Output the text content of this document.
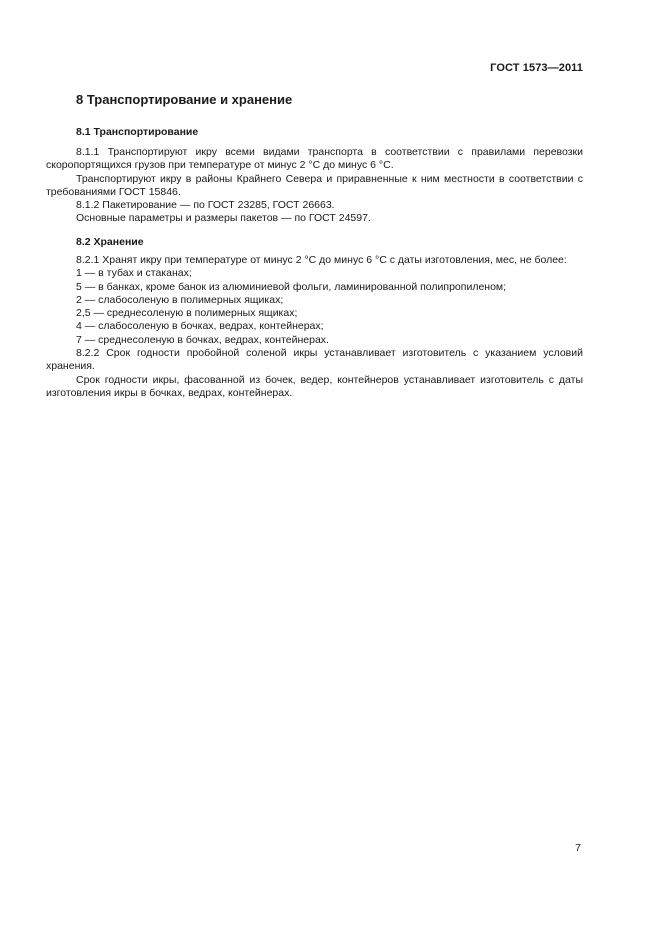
ГОСТ 1573—2011
8 Транспортирование и хранение
8.1 Транспортирование

8.1.1 Транспортируют икру всеми видами транспорта в соответствии с правилами перевозки скоропортящихся грузов при температуре от минус 2 °С до минус 6 °С.

Транспортируют икру в районы Крайнего Севера и приравненные к ним местности в соответствии с требованиями ГОСТ 15846.

8.1.2 Пакетирование — по ГОСТ 23285, ГОСТ 26663.

Основные параметры и размеры пакетов — по ГОСТ 24597.

8.2 Хранение

8.2.1 Хранят икру при температуре от минус 2 °С до минус 6 °С с даты изготовления, мес, не более:

1 — в тубах и стаканах;

5 — в банках, кроме банок из алюминиевой фольги, ламинированной полипропиленом;

2 — слабосоленую в полимерных ящиках;

2,5 — среднесоленую в полимерных ящиках;

4 — слабосоленую в бочках, ведрах, контейнерах;

7 — среднесоленую в бочках, ведрах, контейнерах.

8.2.2 Срок годности пробойной соленой икры устанавливает изготовитель с указанием условий хранения.

Срок годности икры, фасованной из бочек, ведер, контейнеров устанавливает изготовитель с даты изготовления икры в бочках, ведрах, контейнерах.

7
